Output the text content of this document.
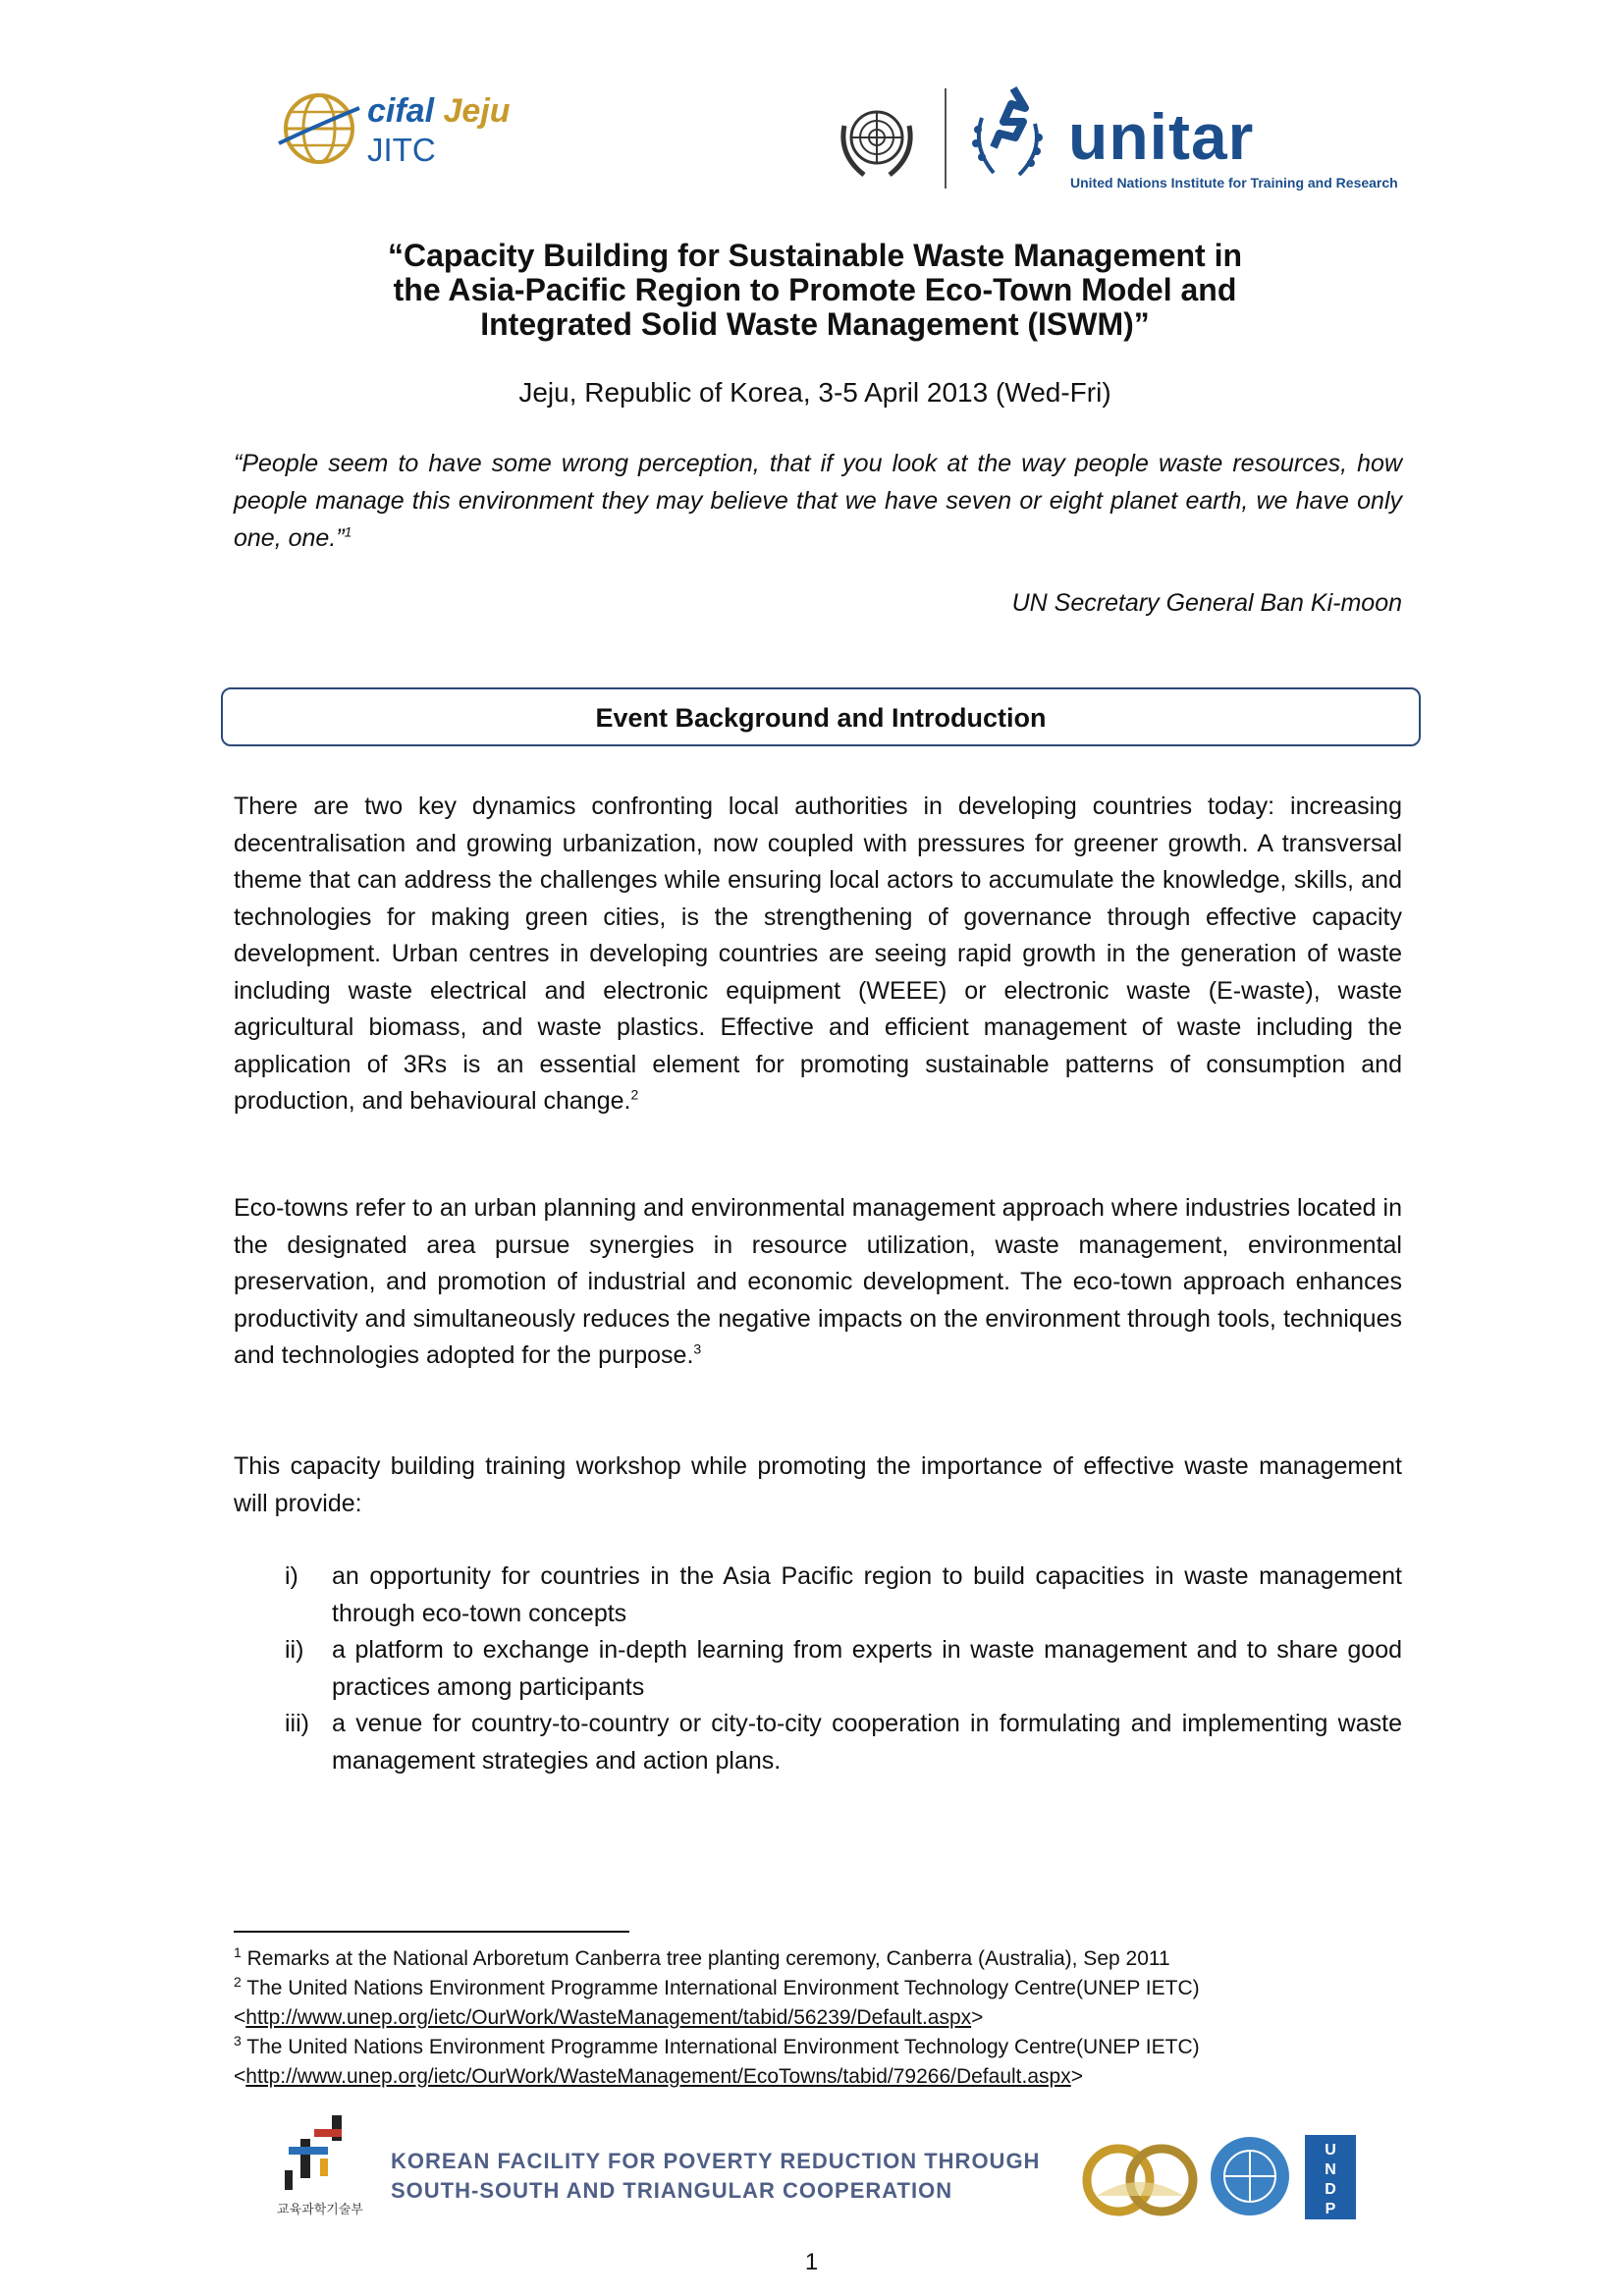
cifal Jeju
JITC	unitar
United Nations Institute for Training and Research
“Capacity Building for Sustainable Waste Management in
the Asia-Pacific Region to Promote Eco-Town Model and
Integrated Solid Waste Management (ISWM)”
Jeju, Republic of Korea, 3-5 April 2013 (Wed-Fri)
“People seem to have some wrong perception, that if you look at the way people waste resources, how people manage this environment they may believe that we have seven or eight planet earth, we have only one, one.”$^1$
UN Secretary General Ban Ki-moon
Event Background and Introduction
There are two key dynamics confronting local authorities in developing countries today: increasing decentralisation and growing urbanization, now coupled with pressures for greener growth. A transversal theme that can address the challenges while ensuring local actors to accumulate the knowledge, skills, and technologies for making green cities, is the strengthening of governance through effective capacity development. Urban centres in developing countries are seeing rapid growth in the generation of waste including waste electrical and electronic equipment (WEEE) or electronic waste (E-waste), waste agricultural biomass, and waste plastics. Effective and efficient management of waste including the application of 3Rs is an essential element for promoting sustainable patterns of consumption and production, and behavioural change.$^2$
Eco-towns refer to an urban planning and environmental management approach where industries located in the designated area pursue synergies in resource utilization, waste management, environmental preservation, and promotion of industrial and economic development. The eco-town approach enhances productivity and simultaneously reduces the negative impacts on the environment through tools, techniques and technologies adopted for the purpose.$^3$
This capacity building training workshop while promoting the importance of effective waste management will provide:
i) an opportunity for countries in the Asia Pacific region to build capacities in waste management through eco-town concepts
ii) a platform to exchange in-depth learning from experts in waste management and to share good practices among participants
iii) a venue for country-to-country or city-to-city cooperation in formulating and implementing waste management strategies and action plans.
$^1$ Remarks at the National Arboretum Canberra tree planting ceremony, Canberra (Australia), Sep 2011
$^2$ The United Nations Environment Programme International Environment Technology Centre(UNEP IETC)
<http://www.unep.org/ietc/OurWork/WasteManagement/tabid/56239/Default.aspx>
$^3$ The United Nations Environment Programme International Environment Technology Centre(UNEP IETC)
<http://www.unep.org/ietc/OurWork/WasteManagement/EcoTowns/tabid/79266/Default.aspx>
교육과학기술부
KOREAN FACILITY FOR POVERTY REDUCTION THROUGH
SOUTH-SOUTH AND TRIANGULAR COOPERATION
U
N
D
P
1
